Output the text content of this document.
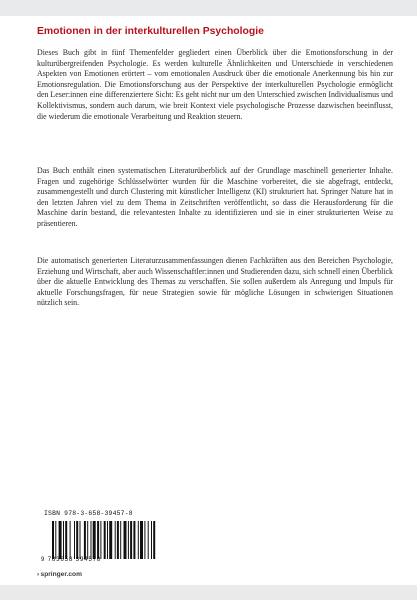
Emotionen in der interkulturellen Psychologie

Dieses Buch gibt in fünf Themenfelder gegliedert einen Überblick über die Emotionsforschung in der kulturübergreifenden Psychologie. Es werden kulturelle Ähnlichkeiten und Unterschiede in verschiedenen Aspekten von Emotionen erörtert – vom emotionalen Ausdruck über die emotionale Anerkennung bis hin zur Emotionsregulation. Die Emotionsforschung aus der Perspektive der interkulturellen Psychologie ermöglicht den Leser:innen eine differenziertere Sicht: Es geht nicht nur um den Unterschied zwischen Individualismus und Kollektivismus, sondern auch darum, wie breit Kontext viele psychologische Prozesse dazwischen beeinflusst, die wiederum die emotionale Verarbeitung und Reaktion steuern.

Das Buch enthält einen systematischen Literaturüberblick auf der Grundlage maschinell generierter Inhalte. Fragen und zugehörige Schlüsselwörter wurden für die Maschine vorbereitet, die sie abgefragt, entdeckt, zusammengestellt und durch Clustering mit künstlicher Intelligenz (KI) strukturiert hat. Springer Nature hat in den letzten Jahren viel zu dem Thema in Zeitschriften veröffentlicht, so dass die Herausforderung für die Maschine darin bestand, die relevantesten Inhalte zu identifizieren und sie in einer strukturierten Weise zu präsentieren.

Die automatisch generierten Literaturzusammenfassungen dienen Fachkräften aus den Bereichen Psychologie, Erziehung und Wirtschaft, aber auch Wissenschaftler:innen und Studierenden dazu, sich schnell einen Überblick über die aktuelle Entwicklung des Themas zu verschaffen. Sie sollen außerdem als Anregung und Impuls für aktuelle Forschungsfragen, für neue Strategien sowie für mögliche Lösungen in schwierigen Situationen nützlich sein.

ISBN 978-3-658-39457-8
9 783658 394578
› springer.com
